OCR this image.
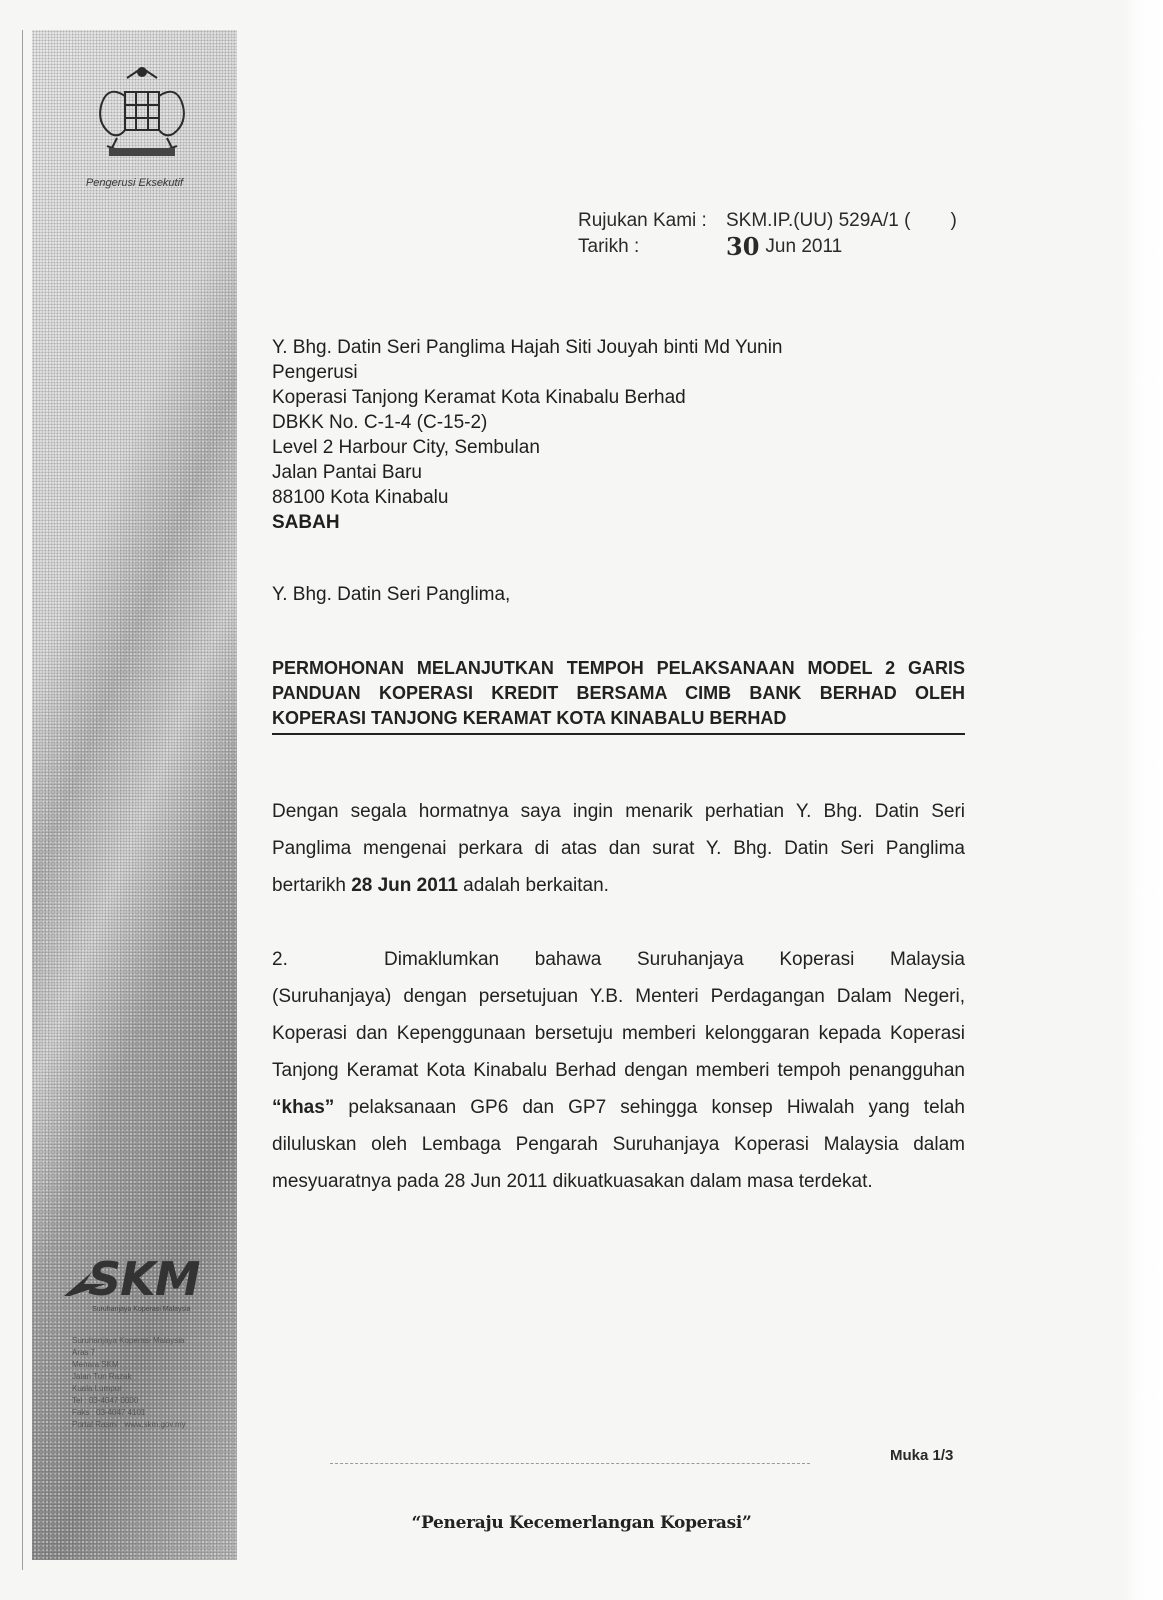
Pengerusi Eksekutif
SKM
Suruhanjaya Koperasi Malaysia
Suruhanjaya Koperasi Malaysia
Aras 7
Menara SKM
Jalan Tun Razak
Kuala Lumpur
Tel : 03-4047 0000
Faks : 03-4047 4101
Portal Rasmi : www.skm.gov.my
Rujukan Kami :	SKM.IP.(UU) 529A/1 ( )
Tarikh :	30 Jun 2011
Y. Bhg. Datin Seri Panglima Hajah Siti Jouyah binti Md Yunin
Pengerusi
Koperasi Tanjong Keramat Kota Kinabalu Berhad
DBKK No. C-1-4 (C-15-2)
Level 2 Harbour City, Sembulan
Jalan Pantai Baru
88100 Kota Kinabalu
SABAH
Y. Bhg. Datin Seri Panglima,
PERMOHONAN MELANJUTKAN TEMPOH PELAKSANAAN MODEL 2 GARIS PANDUAN KOPERASI KREDIT BERSAMA CIMB BANK BERHAD OLEH KOPERASI TANJONG KERAMAT KOTA KINABALU BERHAD
Dengan segala hormatnya saya ingin menarik perhatian Y. Bhg. Datin Seri Panglima mengenai perkara di atas dan surat Y. Bhg. Datin Seri Panglima bertarikh 28 Jun 2011 adalah berkaitan.
2.	Dimaklumkan bahawa Suruhanjaya Koperasi Malaysia (Suruhanjaya) dengan persetujuan Y.B. Menteri Perdagangan Dalam Negeri, Koperasi dan Kepenggunaan bersetuju memberi kelonggaran kepada Koperasi Tanjong Keramat Kota Kinabalu Berhad dengan memberi tempoh penangguhan “khas” pelaksanaan GP6 dan GP7 sehingga konsep Hiwalah yang telah diluluskan oleh Lembaga Pengarah Suruhanjaya Koperasi Malaysia dalam mesyuaratnya pada 28 Jun 2011 dikuatkuasakan dalam masa terdekat.
Muka 1/3
“Peneraju Kecemerlangan Koperasi”
